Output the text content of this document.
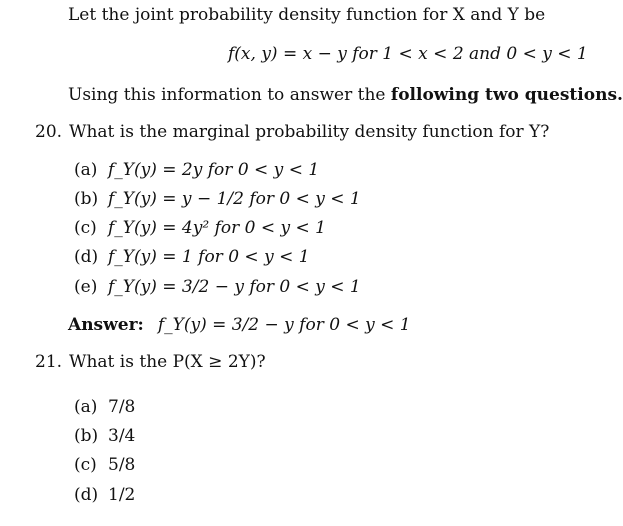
Let the joint probability density function for X and Y be
f(x, y) = x − y for 1 < x < 2 and 0 < y < 1
Using this information to answer the following two questions.
20. What is the marginal probability density function for Y?
(a) f_Y(y) = 2y for 0 < y < 1
(b) f_Y(y) = y − 1/2 for 0 < y < 1
(c) f_Y(y) = 4y² for 0 < y < 1
(d) f_Y(y) = 1 for 0 < y < 1
(e) f_Y(y) = 3/2 − y for 0 < y < 1
Answer: f_Y(y) = 3/2 − y for 0 < y < 1
21. What is the P(X ≥ 2Y)?
(a) 7/8
(b) 3/4
(c) 5/8
(d) 1/2
